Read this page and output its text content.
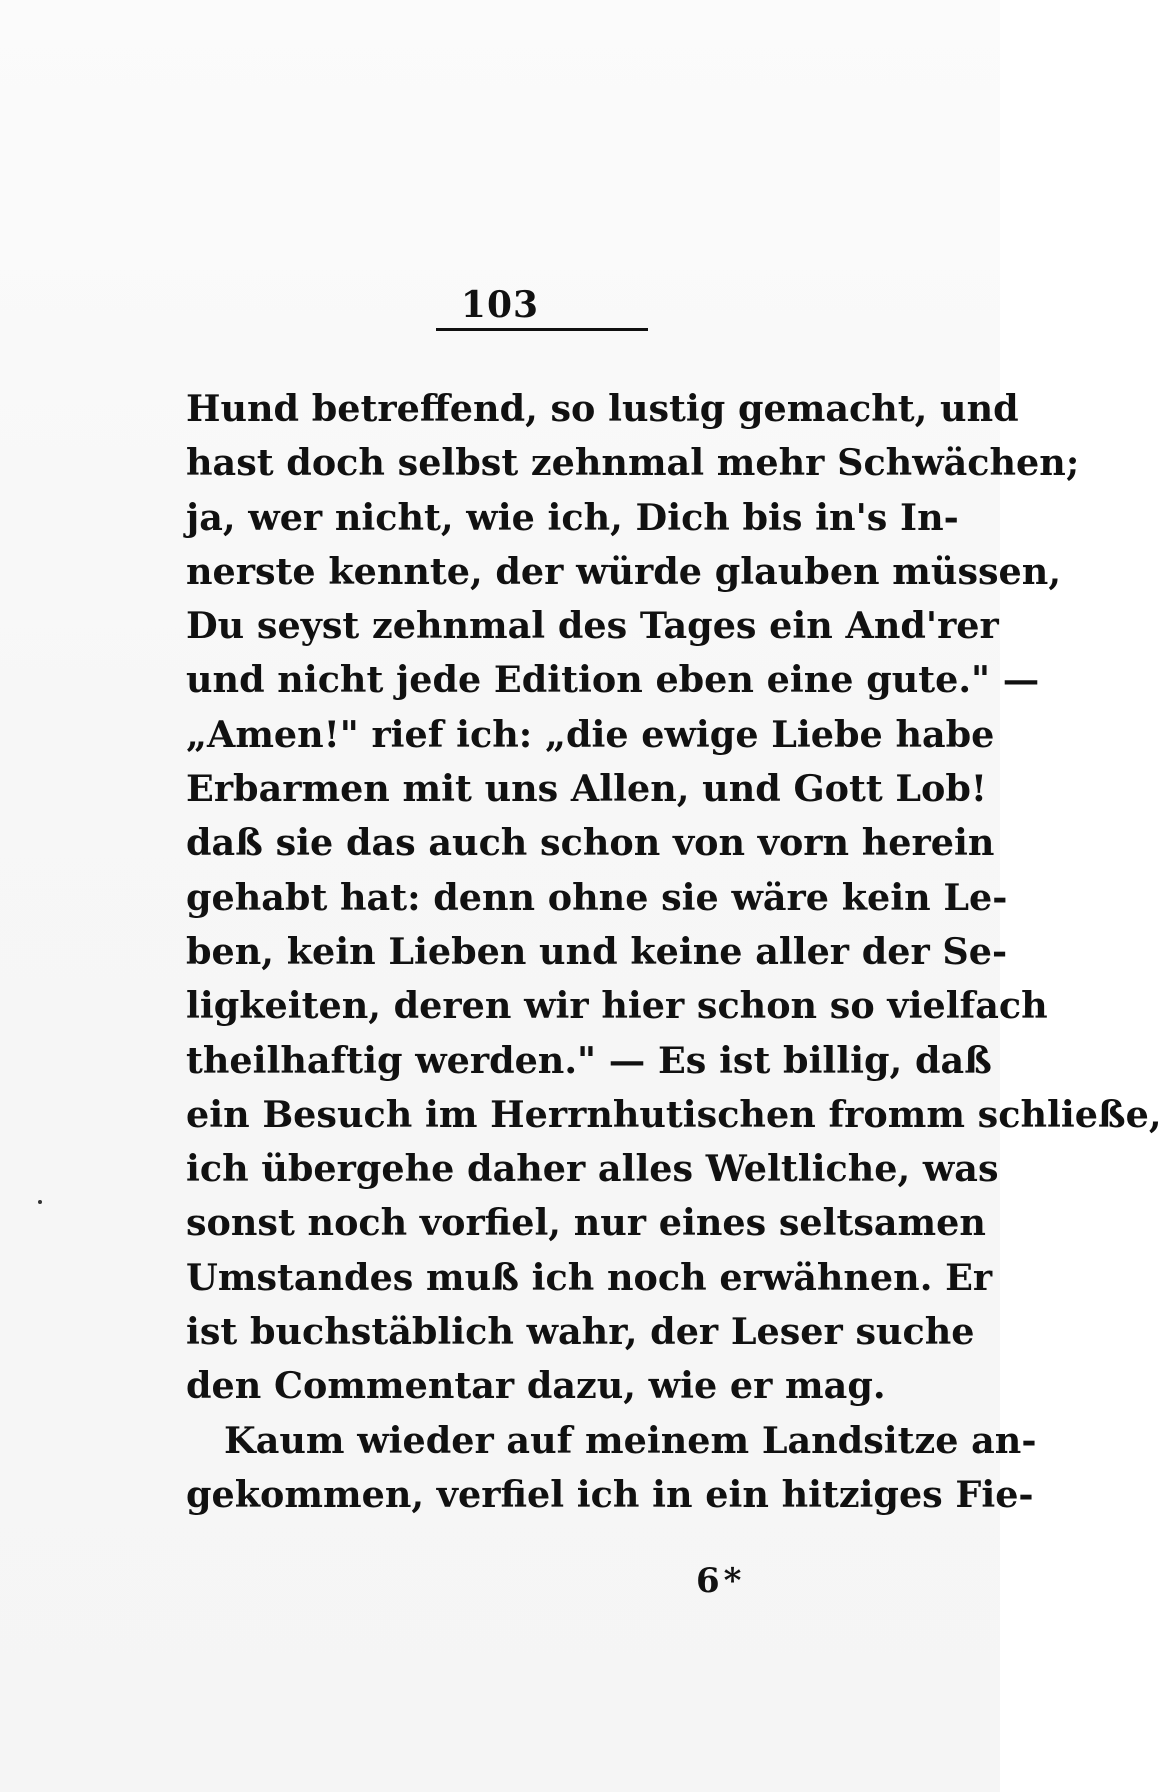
103
Hund betreffend, so lustig gemacht, und
hast doch selbst zehnmal mehr Schwächen;
ja, wer nicht, wie ich, Dich bis in's In-
nerste kennte, der würde glauben müssen,
Du seyst zehnmal des Tages ein And'rer
und nicht jede Edition eben eine gute." —
„Amen!" rief ich: „die ewige Liebe habe
Erbarmen mit uns Allen, und Gott Lob!
daß sie das auch schon von vorn herein
gehabt hat: denn ohne sie wäre kein Le-
ben, kein Lieben und keine aller der Se-
ligkeiten, deren wir hier schon so vielfach
theilhaftig werden." — Es ist billig, daß
ein Besuch im Herrnhutischen fromm schließe,
ich übergehe daher alles Weltliche, was
sonst noch vorfiel, nur eines seltsamen
Umstandes muß ich noch erwähnen. Er
ist buchstäblich wahr, der Leser suche
den Commentar dazu, wie er mag.
Kaum wieder auf meinem Landsitze an-
gekommen, verfiel ich in ein hitziges Fie-
6*
